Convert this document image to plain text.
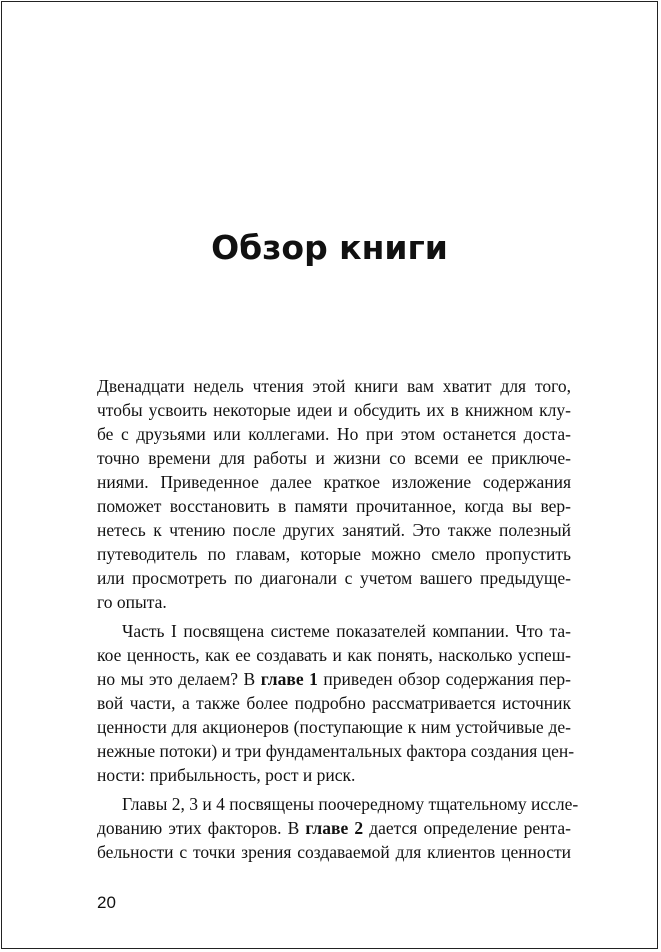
Обзор книги
Двенадцати недель чтения этой книги вам хватит для того,
чтобы усвоить некоторые идеи и обсудить их в книжном клу-
бе с друзьями или коллегами. Но при этом останется доста-
точно времени для работы и жизни со всеми ее приключе-
ниями. Приведенное далее краткое изложение содержания
поможет восстановить в памяти прочитанное, когда вы вер-
нетесь к чтению после других занятий. Это также полезный
путеводитель по главам, которые можно смело пропустить
или просмотреть по диагонали с учетом вашего предыдуще-
го опыта.
Часть I посвящена системе показателей компании. Что та-
кое ценность, как ее создавать и как понять, насколько успеш-
но мы это делаем? В главе 1 приведен обзор содержания пер-
вой части, а также более подробно рассматривается источник
ценности для акционеров (поступающие к ним устойчивые де-
нежные потоки) и три фундаментальных фактора создания цен-
ности: прибыльность, рост и риск.
Главы 2, 3 и 4 посвящены поочередному тщательному иссле-
дованию этих факторов. В главе 2 дается определение рента-
бельности с точки зрения создаваемой для клиентов ценности
20
